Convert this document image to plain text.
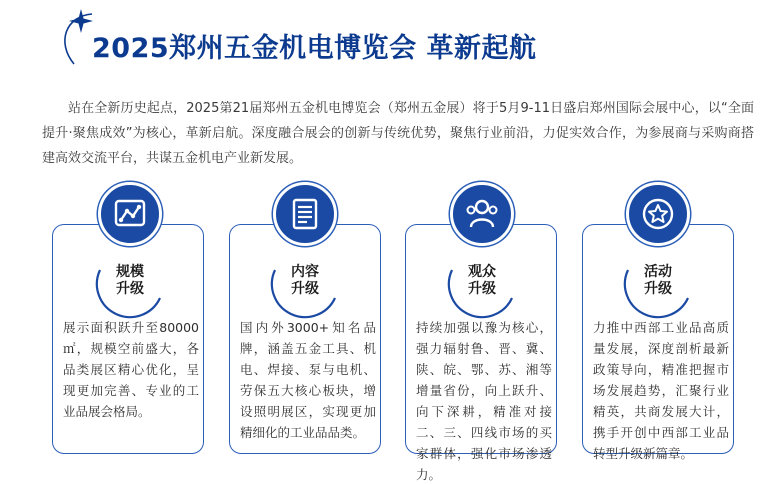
2025郑州五金机电博览会 革新起航

站在全新历史起点，2025第21届郑州五金机电博览会（郑州五金展）将于5月9-11日盛启郑州国际会展中心，以“全面提升·聚焦成效”为核心，革新启航。深度融合展会的创新与传统优势，聚焦行业前沿，力促实效合作，为参展商与采购商搭建高效交流平台，共谋五金机电产业新发展。

展示面积跃升至80000㎡，规模空前盛大，各品类展区精心优化，呈现更加完善、专业的工业品展会格局。
规模
升级
国内外3000+知名品牌，涵盖五金工具、机电、焊接、泵与电机、劳保五大核心板块，增设照明展区，实现更加精细化的工业品品类。
内容
升级
持续加强以豫为核心，强力辐射鲁、晋、冀、陕、皖、鄂、苏、湘等增量省份，向上跃升、向下深耕，精准对接二、三、四线市场的买家群体，强化市场渗透力。
观众
升级
力推中西部工业品高质量发展，深度剖析最新政策导向，精准把握市场发展趋势，汇聚行业精英，共商发展大计，携手开创中西部工业品转型升级新篇章。
活动
升级
